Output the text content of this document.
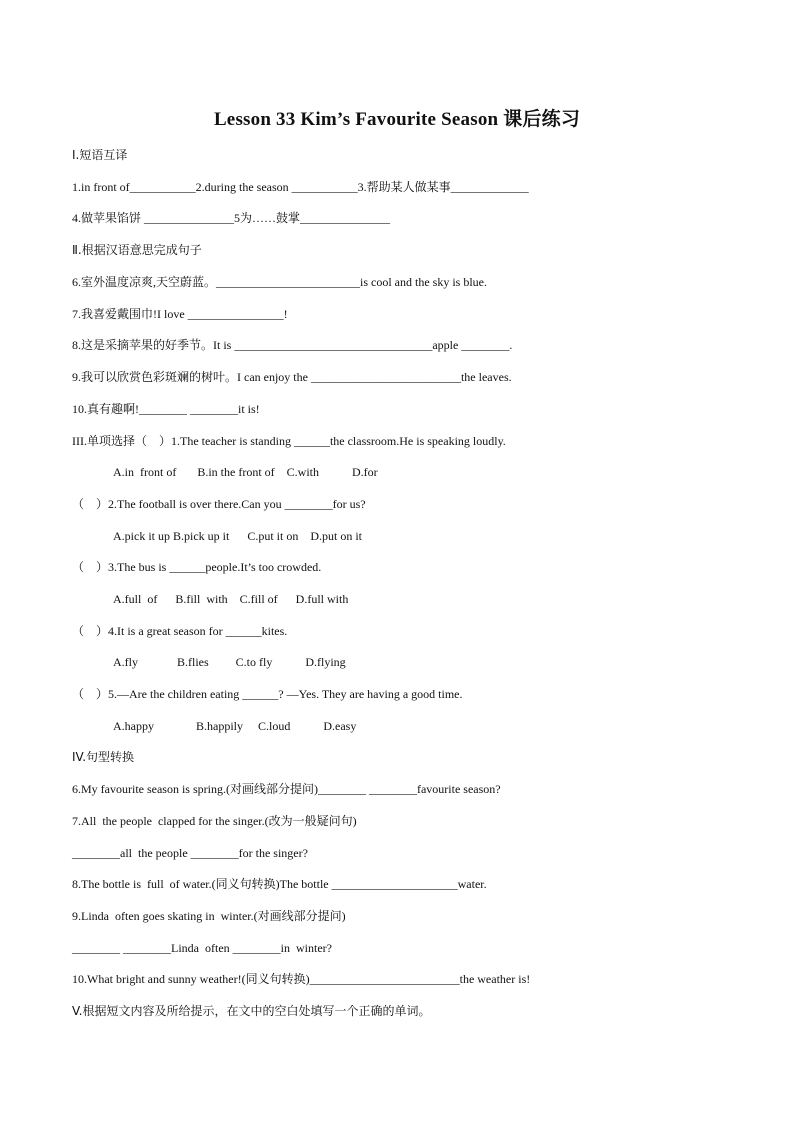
Lesson 33 Kim’s Favourite Season 课后练习
Ⅰ.短语互译
1.in front of___________2.during the season ___________3.帮助某人做某事_____________
4.做苹果馅饼 _______________5为……鼓掌_______________
Ⅱ.根据汉语意思完成句子
6.室外温度凉爽,天空蔚蓝。________________________is cool and the sky is blue.
7.我喜爱戴围巾!I love ________________!
8.这是采摘苹果的好季节。It is _________________________________apple ________.
9.我可以欣赏色彩斑斓的树叶。I can enjoy the _________________________the leaves.
10.真有趣啊!________ ________it is!
III.单项选择（    ）1.The teacher is standing ______the classroom.He is speaking loudly.
A.in  front of       B.in the front of    C.with           D.for
（    ）2.The football is over there.Can you ________for us?
A.pick it up B.pick up it      C.put it on    D.put on it
（    ）3.The bus is ______people.It’s too crowded.
A.full  of      B.fill  with    C.fill of      D.full with
（    ）4.It is a great season for ______kites.
A.fly             B.flies         C.to fly           D.flying
（    ）5.—Are the children eating ______? —Yes. They are having a good time.
A.happy              B.happily     C.loud           D.easy
IV.句型转换
6.My favourite season is spring.(对画线部分提问)________ ________favourite season?
7.All  the people  clapped for the singer.(改为一般疑问句)
________all  the people ________for the singer?
8.The bottle is  full  of water.(同义句转换)The bottle _____________________water.
9.Linda  often goes skating in  winter.(对画线部分提问)
________ ________Linda  often ________in  winter?
10.What bright and sunny weather!(同义句转换)_________________________the weather is!
V.根据短文内容及所给提示，在文中的空白处填写一个正确的单词。
